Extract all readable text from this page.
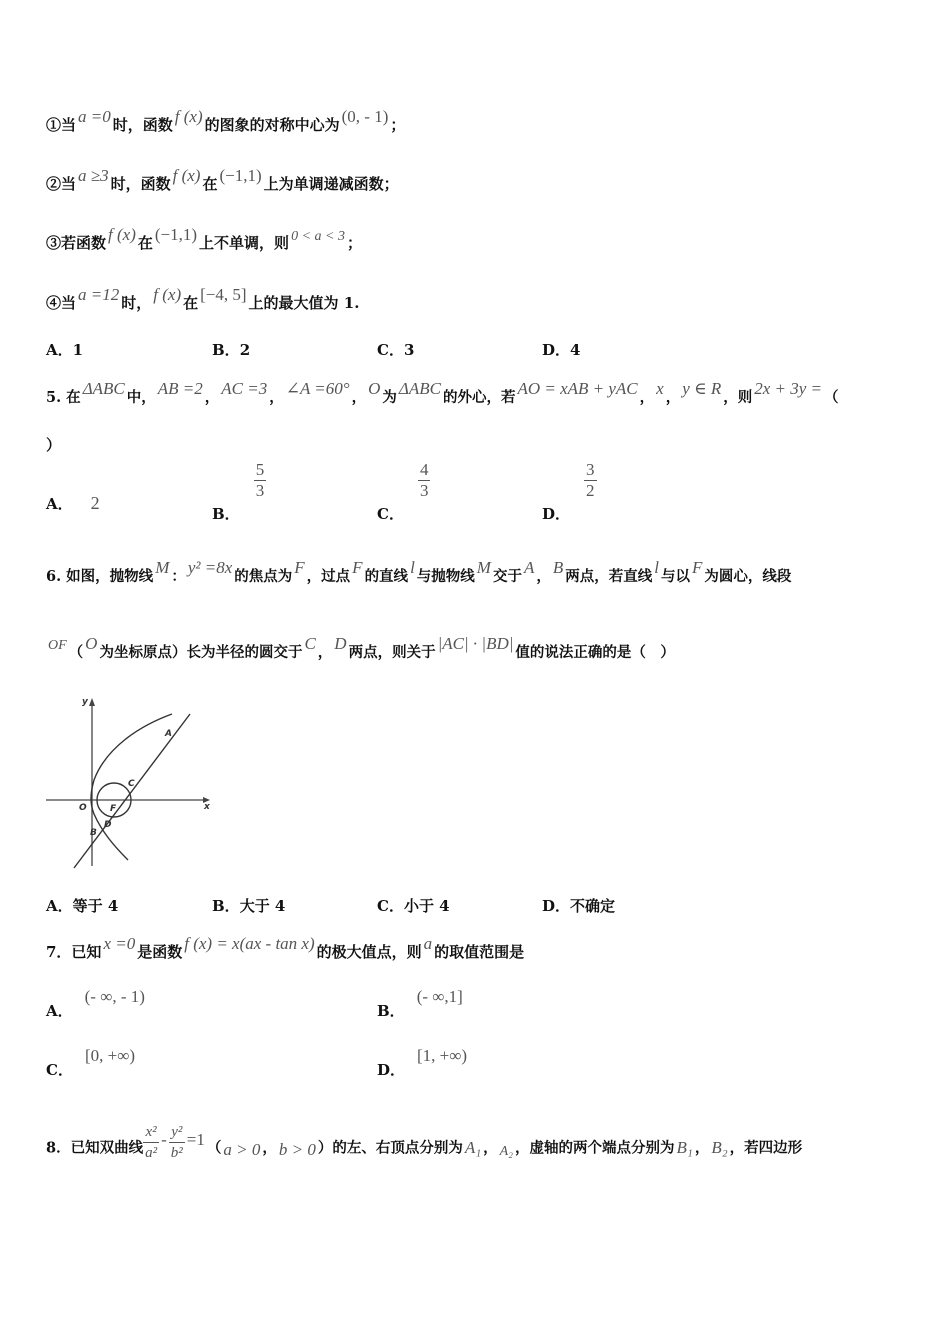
①当 a =0 时，函数 f (x) 的图象的对称中心为 (0, - 1) ；
②当 a ≥3 时，函数 f (x) 在 (−1,1) 上为单调递减函数；
③若函数 f (x) 在 (−1,1) 上不单调，则 0 < a < 3 ；
④当 a =12 时， f (x) 在 [−4, 5] 上的最大值为 1.
A．1	B．2	C．3	D．4
5. 在 ΔABC 中， AB =2 ， AC =3 ， ∠A =60° ， O 为 ΔABC 的外心，若 AO = xAB + yAC ， x ， y ∈ R ，则 2x + 3y = （
）
A． 2
B．
$\frac{5}{3}$
C．
$\frac{4}{3}$
D．
$\frac{3}{2}$
6. 如图，抛物线 M ： y² =8x 的焦点为 F ，过点 F 的直线 l 与抛物线 M 交于 A ， B 两点，若直线 l 与以 F 为圆心，线段
OF （ O 为坐标原点）长为半径的圆交于 C ， D 两点，则关于 |AC| · |BD| 值的说法正确的是（　）
y
x
O
A
C
F
D
B
A．等于 4	B．大于 4	C．小于 4	D．不确定
7．已知 x =0 是函数 f (x) = x(ax - tan x) 的极大值点，则 a 的取值范围是
A．(- ∞, - 1)
B．(- ∞,1]
C．[0, +∞)
D．[1, +∞)
8．已知双曲线 $\frac{\text{x²}}{\text{a²}} - \frac{\text{y²}}{\text{b²}} =1$ （ a > 0 ， b > 0 ）的左、右顶点分别为 A₁ ， A₂ ，虚轴的两个端点分别为 B₁ ， B₂ ，若四边形
